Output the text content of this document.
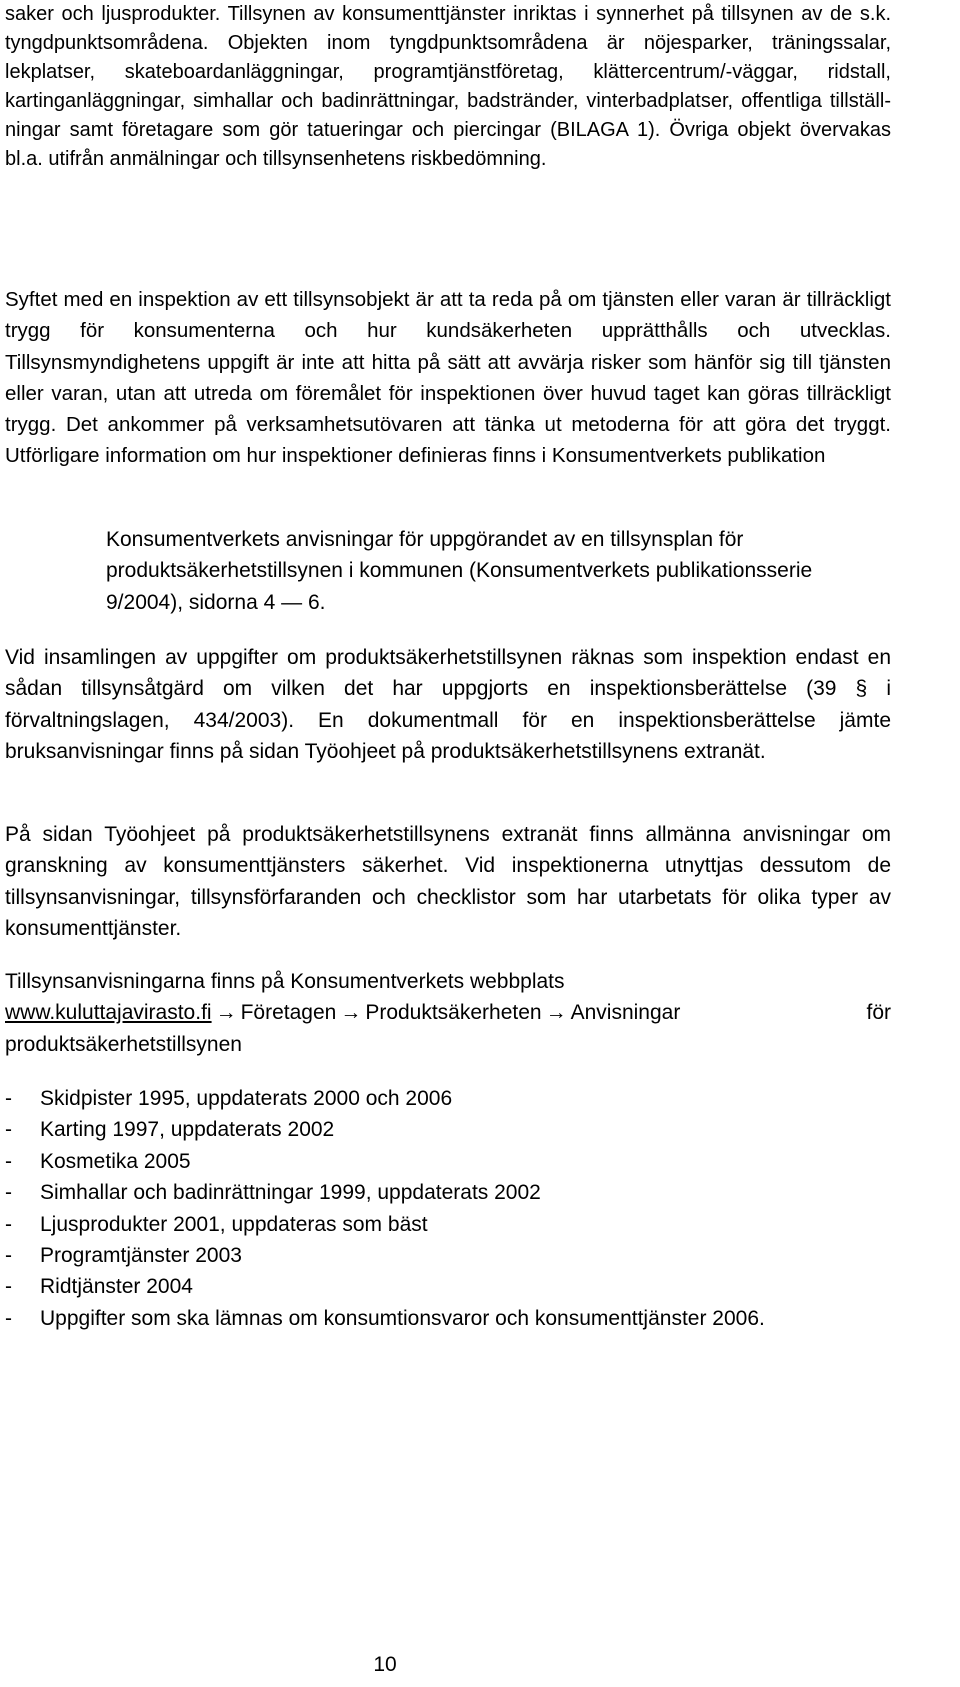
saker och ljusprodukter. Tillsynen av konsumenttjänster inriktas i synnerhet på tillsynen av de s.k. tyngdpunktsområdena. Objekten inom tyngdpunktsområdena är nöjesparker, träningssalar, lekplatser, skateboardanläggningar, programtjänstföretag, klättercentrum/-väggar, ridstall, kartinganläggningar, simhallar och badinrättningar, badstränder, vinterbadplatser, offentliga tillställningar samt företagare som gör tatueringar och piercingar (BILAGA 1). Övriga objekt övervakas bl.a. utifrån anmälningar och tillsynsenhetens riskbedömning.

Syftet med en inspektion av ett tillsynsobjekt är att ta reda på om tjänsten eller varan är tillräckligt trygg för konsumenterna och hur kundsäkerheten upprätthålls och utvecklas. Tillsynsmyndighetens uppgift är inte att hitta på sätt att avvärja risker som hänför sig till tjänsten eller varan, utan att utreda om föremålet för inspektionen över huvud taget kan göras tillräckligt trygg. Det ankommer på verksamhetsutövaren att tänka ut metoderna för att göra det tryggt. Utförligare information om hur inspektioner definieras finns i Konsumentverkets publikation

Konsumentverkets anvisningar för uppgörandet av en tillsynsplan för produktsäkerhetstillsynen i kommunen (Konsumentverkets publikationsserie 9/2004), sidorna 4 — 6.

Vid insamlingen av uppgifter om produktsäkerhetstillsynen räknas som inspektion endast en sådan tillsynsåtgärd om vilken det har uppgjorts en inspektionsberättelse (39 § i förvaltningslagen, 434/2003). En dokumentmall för en inspektionsberättelse jämte bruksanvisningar finns på sidan Työohjeet på produktsäkerhetstillsynens extranät.

På sidan Työohjeet på produktsäkerhetstillsynens extranät finns allmänna anvisningar om granskning av konsumenttjänsters säkerhet. Vid inspektionerna utnyttjas dessutom de tillsynsanvisningar, tillsynsförfaranden och checklistor som har utarbetats för olika typer av konsumenttjänster.

Tillsynsanvisningarna finns på Konsumentverkets webbplats
www.kuluttajavirasto.fi → Företagen → Produktsäkerheten → Anvisningar för produktsäkerhetstillsynen

- Skidpister 1995, uppdaterats 2000 och 2006
- Karting 1997, uppdaterats 2002
- Kosmetika 2005
- Simhallar och badinrättningar 1999, uppdaterats 2002
- Ljusprodukter 2001, uppdateras som bäst
- Programtjänster 2003
- Ridtjänster 2004
- Uppgifter som ska lämnas om konsumtionsvaror och konsumenttjänster 2006.
10
